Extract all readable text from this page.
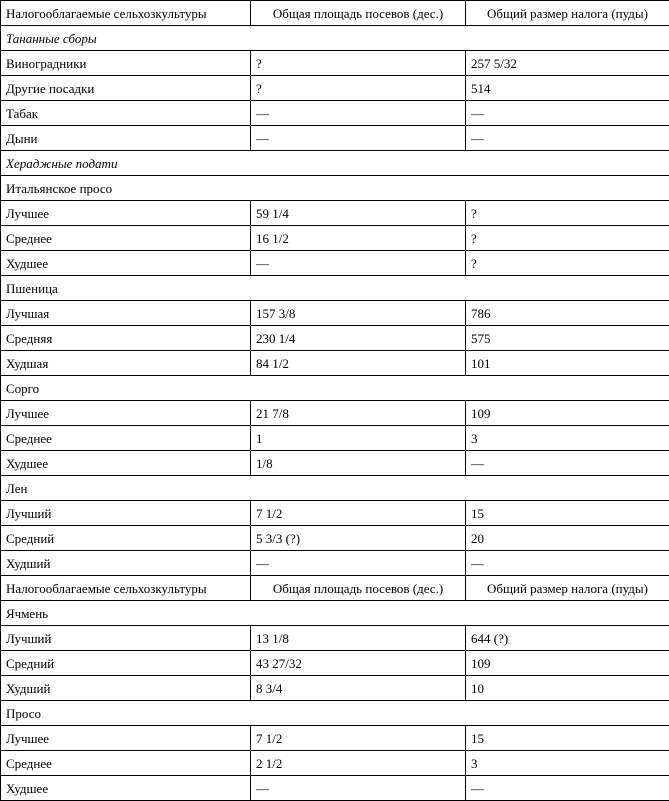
Налогооблагаемые сельхозкультуры	Общая площадь посевов (дес.)	Общий размер налога (пуды)
Тананные сборы		
Виноградники	?	257 5/32
Другие посадки	?	514
Табак	—	—
Дыни	—	—
Хераджные подати		
Итальянское просо		
Лучшее	59 1/4	?
Среднее	16 1/2	?
Худшее	—	?
Пшеница		
Лучшая	157 3/8	786
Средняя	230 1/4	575
Худшая	84 1/2	101
Сорго		
Лучшее	21 7/8	109
Среднее	1	3
Худшее	1/8	—
Лен		
Лучший	7 1/2	15
Средний	5 3/3 (?)	20
Худший	—	—
Налогооблагаемые сельхозкультуры	Общая площадь посевов (дес.)	Общий размер налога (пуды)
Ячмень		
Лучший	13 1/8	644 (?)
Средний	43 27/32	109
Худший	8 3/4	10
Просо		
Лучшее	7 1/2	15
Среднее	2 1/2	3
Худшее	—	—
